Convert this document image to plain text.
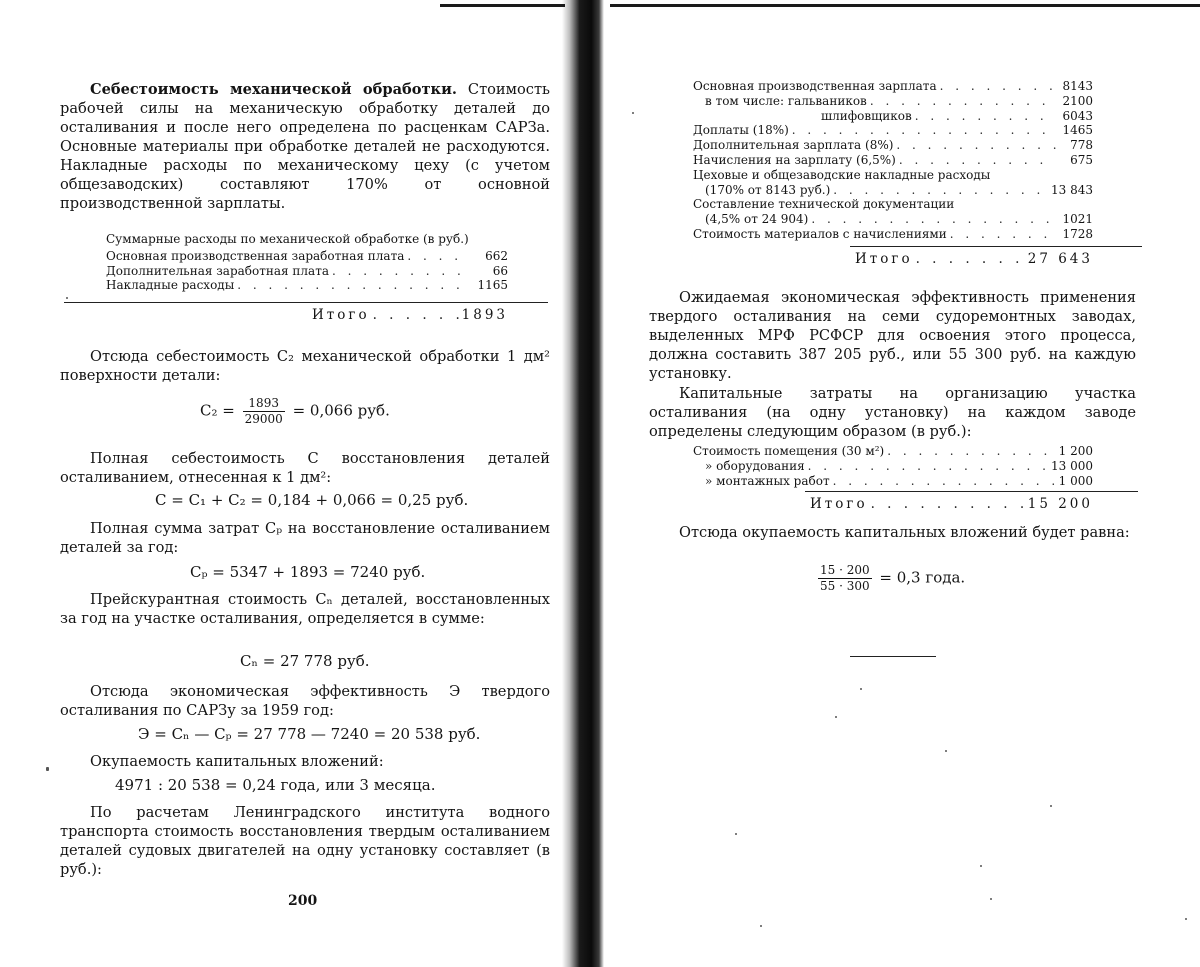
Себестоимость механической обработки. Стоимость рабочей силы на механическую обработку деталей до осталивания и после него определена по расценкам САРЗа. Основные материалы при обработке деталей не расходуются. Накладные расходы по механическому цеху (с учетом общезаводских) составляют 170% от основной производственной зарплаты.

Суммарные расходы по механической обработке (в руб.)
Основная производственная заработная плата . . .	662
Дополнительная заработная плата . . .	66
Накладные расходы . . .	1165
Итого . . .	1893

Отсюда себестоимость C₂ механической обработки 1 дм² поверхности детали:

$C_2 = \frac{1893}{29000} = 0,066$ руб.

Полная себестоимость C восстановления деталей осталиванием, отнесенная к 1 дм²:

C = C₁ + C₂ = 0,184 + 0,066 = 0,25 руб.

Полная сумма затрат Cₚ на восстановление осталиванием деталей за год:

Cₚ = 5347 + 1893 = 7240 руб.

Прейскурантная стоимость Cₙ деталей, восстановленных за год на участке осталивания, определяется в сумме:

Cₙ = 27 778 руб.

Отсюда экономическая эффективность Э твердого осталивания по САРЗу за 1959 год:

Э = Cₙ — Cₚ = 27 778 — 7240 = 20 538 руб.

Окупаемость капитальных вложений:

4971 : 20 538 = 0,24 года, или 3 месяца.

По расчетам Ленинградского института водного транспорта стоимость восстановления твердым осталиванием деталей судовых двигателей на одну установку составляет (в руб.):

200
Основная производственная зарплата . . .	8143
в том числе: гальваников . . .	2100
шлифовщиков . . .	6043
Доплаты (18%) . . .	1465
Дополнительная зарплата (8%) . . .	778
Начисления на зарплату (6,5%) . . .	675
Цеховые и общезаводские накладные расходы
(170% от 8143 руб.) . . .	13 843
Составление технической документации
(4,5% от 24 904) . . .	1021
Стоимость материалов с начислениями . . .	1728
Итого . . .	27 643

Ожидаемая экономическая эффективность применения твердого осталивания на семи судоремонтных заводах, выделенных МРФ РСФСР для освоения этого процесса, должна составить 387 205 руб., или 55 300 руб. на каждую установку.

Капитальные затраты на организацию участка осталивания (на одну установку) на каждом заводе определены следующим образом (в руб.):

Стоимость помещения (30 м²) . . .	1 200
» оборудования . . .	13 000
» монтажных работ . . .	1 000
Итого . . .	15 200

Отсюда окупаемость капитальных вложений будет равна:

$\frac{15 \cdot 200}{55 \cdot 300} = 0,3$ года.
